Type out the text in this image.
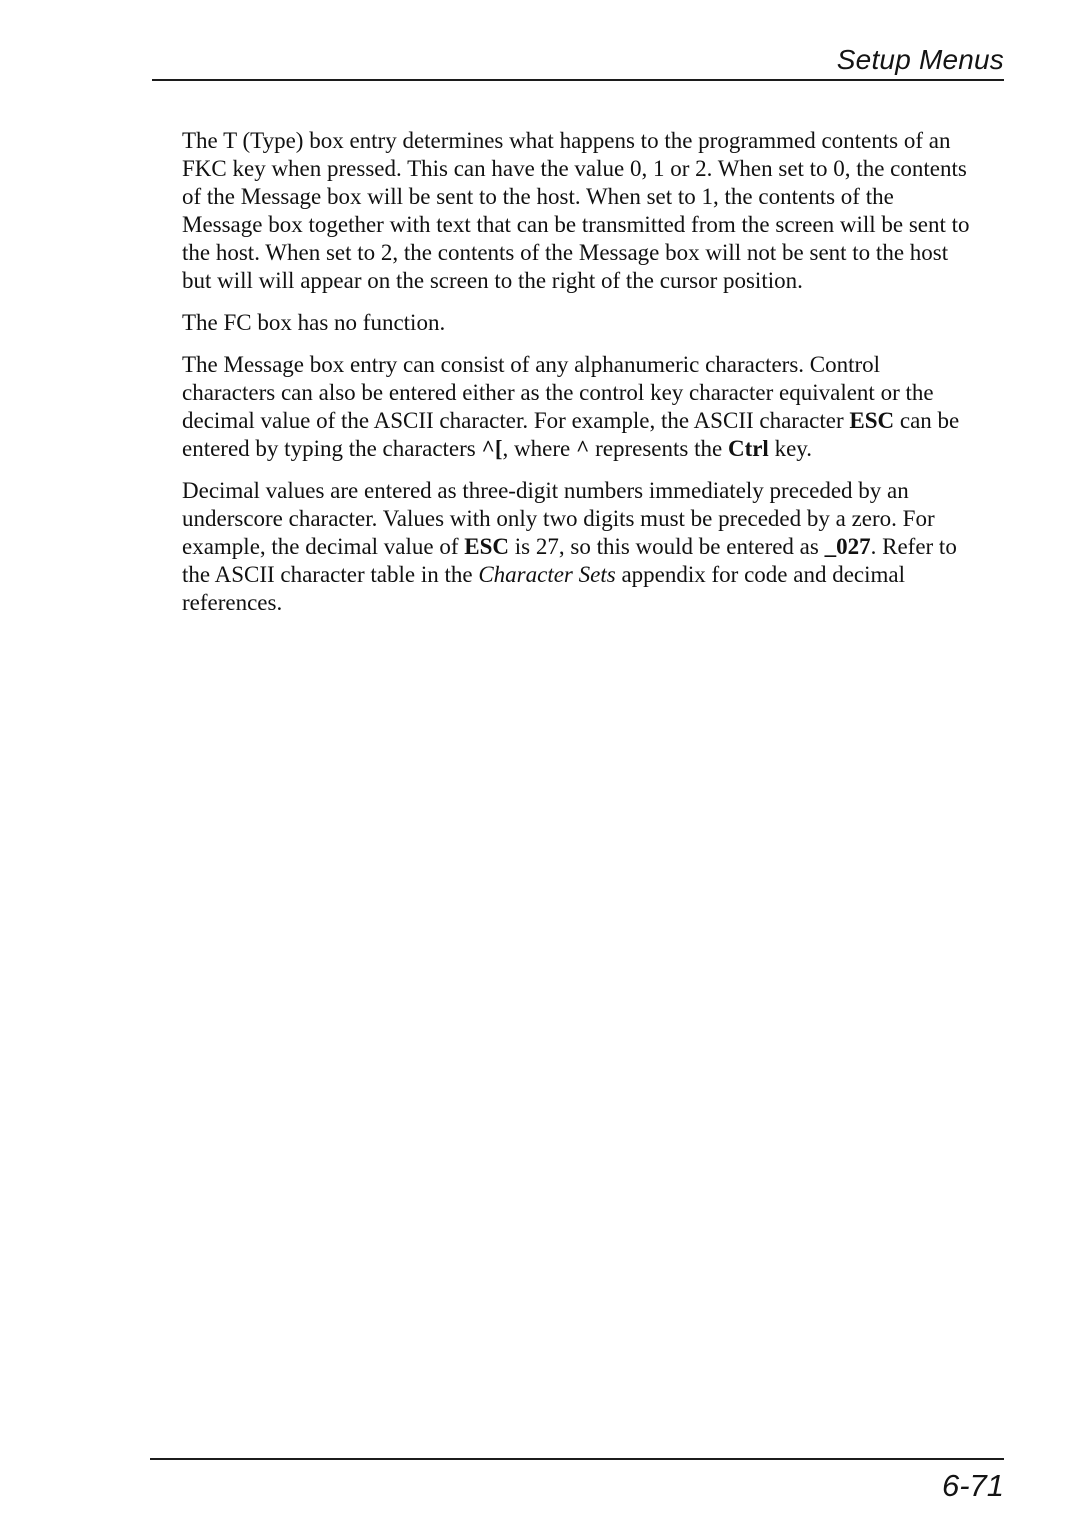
Setup Menus

The T (Type) box entry determines what happens to the programmed contents of an FKC key when pressed. This can have the value 0, 1 or 2. When set to 0, the contents of the Message box will be sent to the host. When set to 1, the contents of the Message box together with text that can be transmitted from the screen will be sent to the host. When set to 2, the contents of the Message box will not be sent to the host but will will appear on the screen to the right of the cursor position.

The FC box has no function.

The Message box entry can consist of any alphanumeric characters. Control characters can also be entered either as the control key character equivalent or the decimal value of the ASCII character. For example, the ASCII character ESC can be entered by typing the characters ^[, where ^ represents the Ctrl key.

Decimal values are entered as three-digit numbers immediately preceded by an underscore character. Values with only two digits must be preceded by a zero. For example, the decimal value of ESC is 27, so this would be entered as _027. Refer to the ASCII character table in the Character Sets appendix for code and decimal references.

6-71
